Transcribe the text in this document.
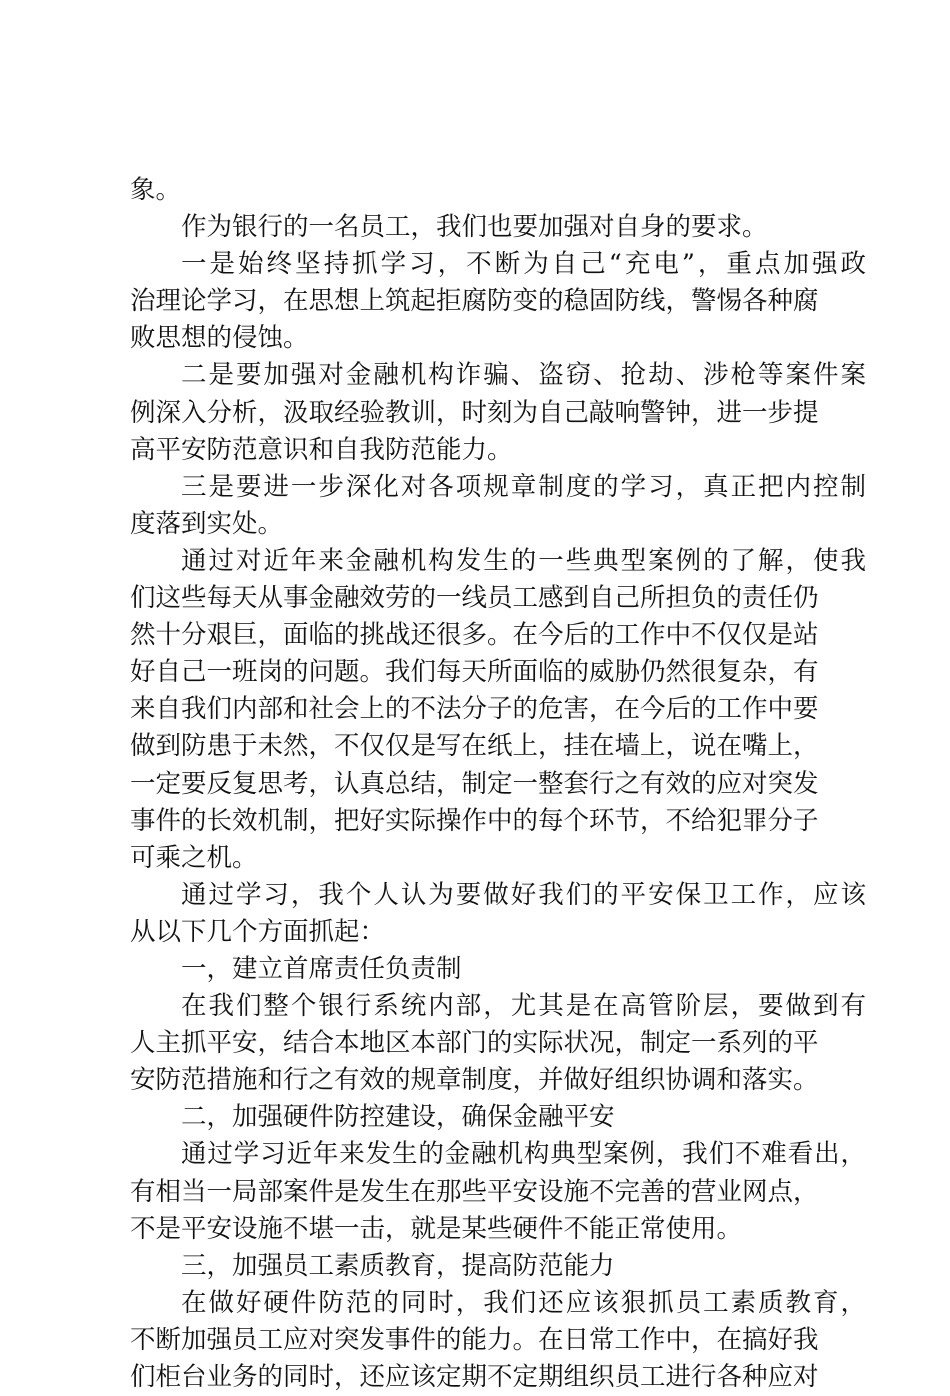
象。
作为银行的一名员工，我们也要加强对自身的要求。
一是始终坚持抓学习，不断为自己“充电”，重点加强政
治理论学习，在思想上筑起拒腐防变的稳固防线，警惕各种腐
败思想的侵蚀。
二是要加强对金融机构诈骗、盗窃、抢劫、涉枪等案件案
例深入分析，汲取经验教训，时刻为自己敲响警钟，进一步提
高平安防范意识和自我防范能力。
三是要进一步深化对各项规章制度的学习，真正把内控制
度落到实处。
通过对近年来金融机构发生的一些典型案例的了解，使我
们这些每天从事金融效劳的一线员工感到自己所担负的责任仍
然十分艰巨，面临的挑战还很多。在今后的工作中不仅仅是站
好自己一班岗的问题。我们每天所面临的威胁仍然很复杂，有
来自我们内部和社会上的不法分子的危害，在今后的工作中要
做到防患于未然，不仅仅是写在纸上，挂在墙上，说在嘴上，
一定要反复思考，认真总结，制定一整套行之有效的应对突发
事件的长效机制，把好实际操作中的每个环节，不给犯罪分子
可乘之机。
通过学习，我个人认为要做好我们的平安保卫工作，应该
从以下几个方面抓起：
一，建立首席责任负责制
在我们整个银行系统内部，尤其是在高管阶层，要做到有
人主抓平安，结合本地区本部门的实际状况，制定一系列的平
安防范措施和行之有效的规章制度，并做好组织协调和落实。
二，加强硬件防控建设，确保金融平安
通过学习近年来发生的金融机构典型案例，我们不难看出，
有相当一局部案件是发生在那些平安设施不完善的营业网点，
不是平安设施不堪一击，就是某些硬件不能正常使用。
三，加强员工素质教育，提高防范能力
在做好硬件防范的同时，我们还应该狠抓员工素质教育，
不断加强员工应对突发事件的能力。在日常工作中，在搞好我
们柜台业务的同时，还应该定期不定期组织员工进行各种应对
